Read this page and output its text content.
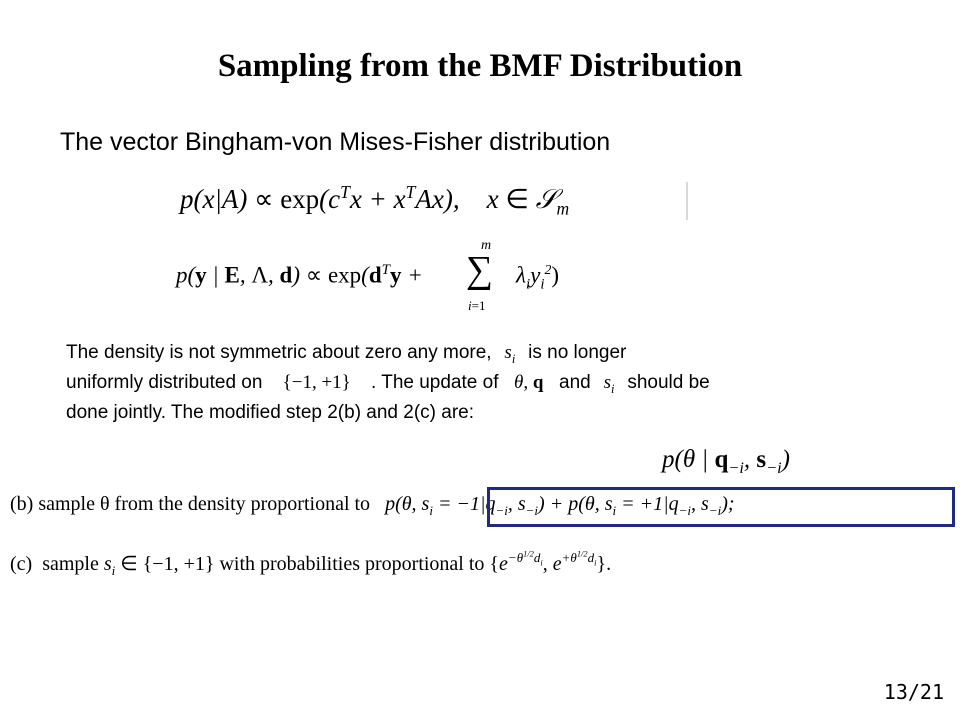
Sampling from the BMF Distribution
The vector Bingham-von Mises-Fisher distribution
$p(x|A) \propto \exp(c^Tx + x^TAx)$,    x ∈ 𝒮$_m$
p(y | E, Λ, $d) \propto \exp(d^Ty$ +
m
∑
i=1
$\lambda_iy_i^2$)
The density is not symmetric about zero any more, $s_i$ is no longer
uniformly distributed on {−1, +1} . The update of θ, q and $s_i$ should be
done jointly. The modified step 2(b) and 2(c) are:
p(θ | $q_{-i}$, $s_{-i}$)
(b) sample θ from the density proportional to p(θ, $s_i = -1|q_{-i}$, $s_{-i}) + p(\theta$, $s_i = +1|q_{-i}$, $s_{-i}$);
(c)  sample $s_i$ ∈ {−1, +1} with probabilities proportional to {$e^{-\theta^{1/2}d_i}$, $e^{+\theta^{1/2}d_i}$}.
13/21
